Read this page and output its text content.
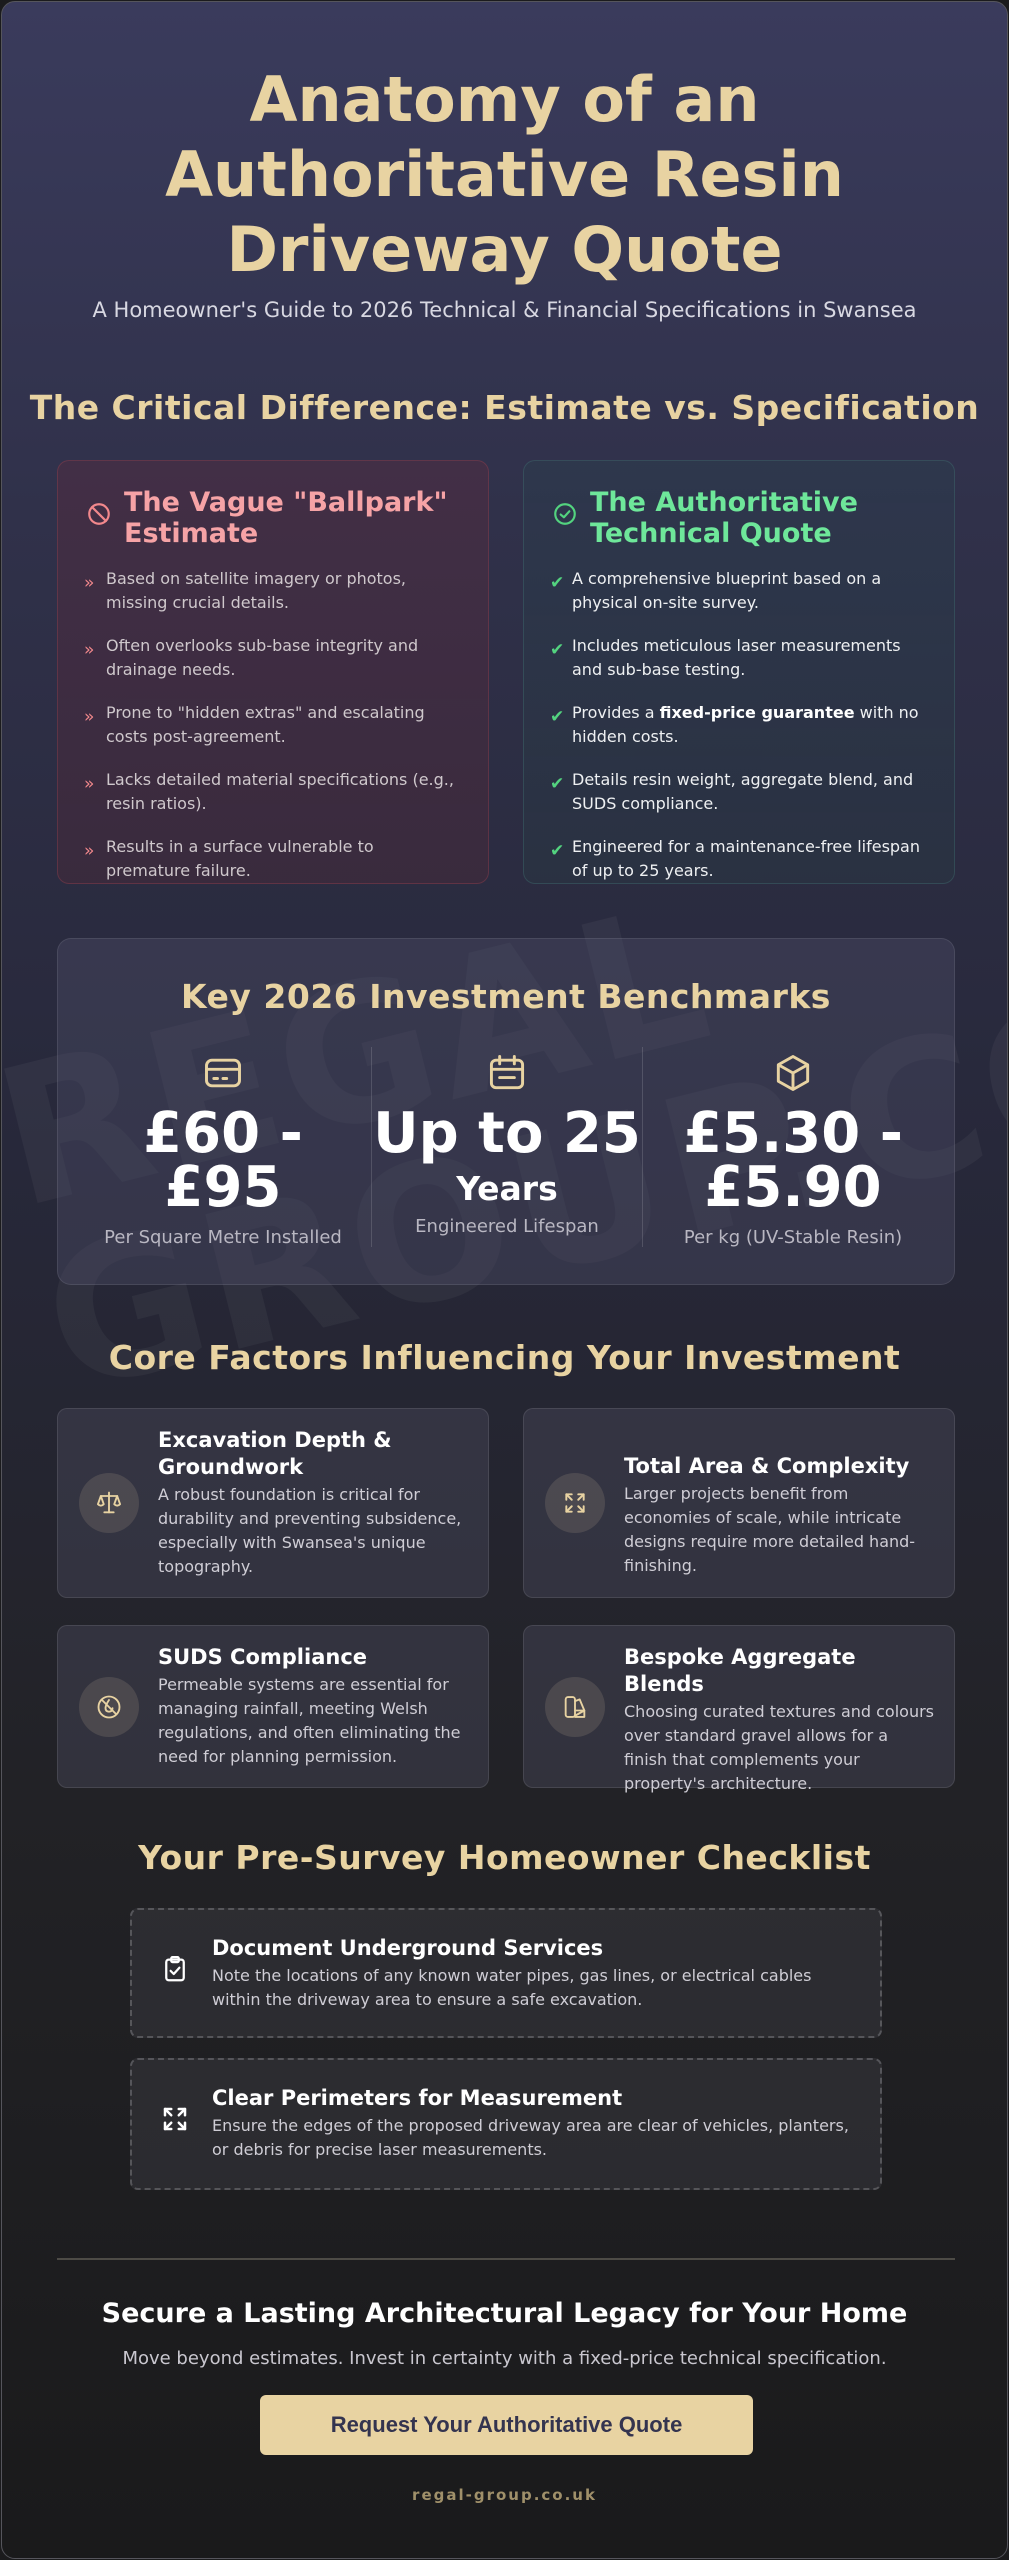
Anatomy of an Authoritative Resin Driveway Quote
A Homeowner's Guide to 2026 Technical & Financial Specifications in Swansea
The Critical Difference: Estimate vs. Specification
The Vague "Ballpark" Estimate
» Based on satellite imagery or photos, missing crucial details.
» Often overlooks sub-base integrity and drainage needs.
» Prone to "hidden extras" and escalating costs post-agreement.
» Lacks detailed material specifications (e.g., resin ratios).
» Results in a surface vulnerable to premature failure.
The Authoritative Technical Quote
✔ A comprehensive blueprint based on a physical on-site survey.
✔ Includes meticulous laser measurements and sub-base testing.
✔ Provides a fixed-price guarantee with no hidden costs.
✔ Details resin weight, aggregate blend, and SUDS compliance.
✔ Engineered for a maintenance-free lifespan of up to 25 years.
Key 2026 Investment Benchmarks
£60 - £95
Per Square Metre Installed
Up to 25
Years
Engineered Lifespan
£5.30 - £5.90
Per kg (UV-Stable Resin)
Core Factors Influencing Your Investment
Excavation Depth & Groundwork
A robust foundation is critical for durability and preventing subsidence, especially with Swansea's unique topography.
Total Area & Complexity
Larger projects benefit from economies of scale, while intricate designs require more detailed hand-finishing.
SUDS Compliance
Permeable systems are essential for managing rainfall, meeting Welsh regulations, and often eliminating the need for planning permission.
Bespoke Aggregate Blends
Choosing curated textures and colours over standard gravel allows for a finish that complements your property's architecture.
Your Pre-Survey Homeowner Checklist
Document Underground Services
Note the locations of any known water pipes, gas lines, or electrical cables within the driveway area to ensure a safe excavation.
Clear Perimeters for Measurement
Ensure the edges of the proposed driveway area are clear of vehicles, planters, or debris for precise laser measurements.
Secure a Lasting Architectural Legacy for Your Home
Move beyond estimates. Invest in certainty with a fixed-price technical specification.
Request Your Authoritative Quote
regal-group.co.uk
